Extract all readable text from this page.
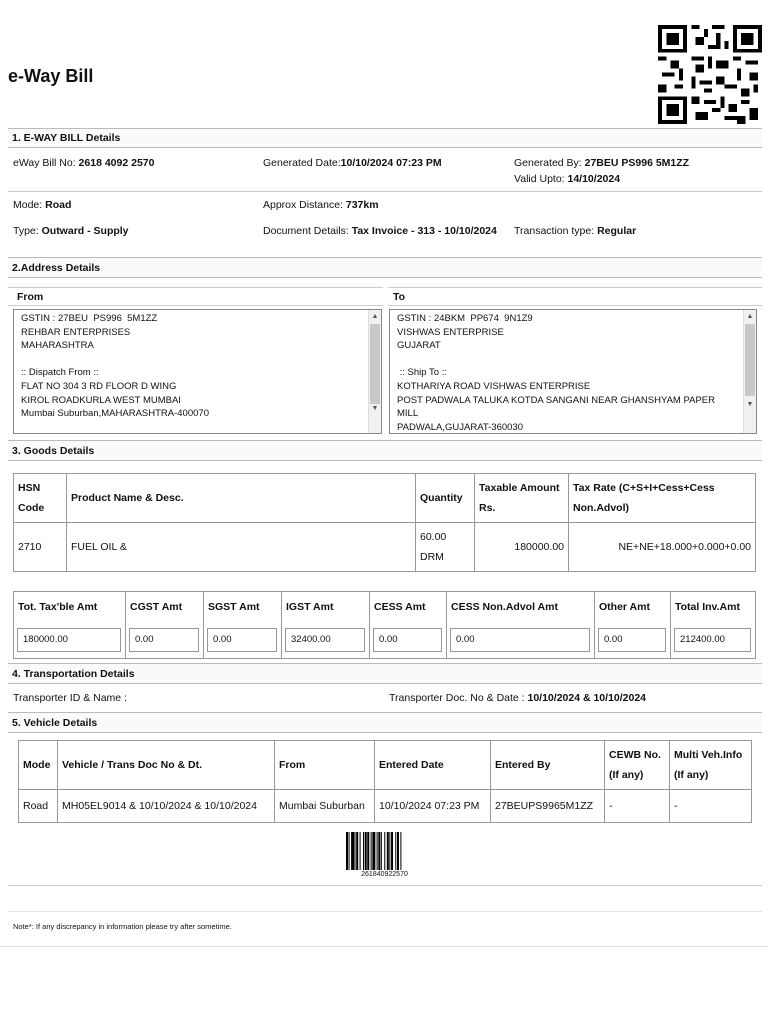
e-Way Bill
1. E-WAY BILL Details
eWay Bill No: 2618 4092 2570	Generated Date:10/10/2024 07:23 PM	Generated By: 27BEU PS996 5M1ZZ
Valid Upto: 14/10/2024
Mode: Road	Approx Distance: 737km
Type: Outward - Supply	Document Details: Tax Invoice - 313 - 10/10/2024 Transaction type: Regular
2.Address Details
From	To
GSTIN : 27BEU  PS996  5M1ZZ
REHBAR ENTERPRISES
MAHARASHTRA
:: Dispatch From ::
FLAT NO 304 3 RD FLOOR D WING
KIROL ROADKURLA WEST MUMBAI
Mumbai Suburban,MAHARASHTRA-400070
▲
▼
GSTIN : 24BKM  PP674  9N1Z9
VISHWAS ENTERPRISE
GUJARAT
:: Ship To ::
KOTHARIYA ROAD VISHWAS ENTERPRISE
POST PADWALA TALUKA KOTDA SANGANI NEAR GHANSHYAM PAPER
MILL
PADWALA,GUJARAT-360030
▲
▼
3. Goods Details
HSN Code	Product Name & Desc.	Quantity	Taxable Amount Rs.	Tax Rate (C+S+I+Cess+Cess Non.Advol)
2710	FUEL OIL &	60.00 DRM	180000.00	NE+NE+18.000+0.000+0.00
Tot. Tax'ble Amt	CGST Amt	SGST Amt	IGST Amt	CESS Amt	CESS Non.Advol Amt	Other Amt	Total Inv.Amt

180000.00	0.00	0.00	32400.00	0.00	0.00	0.00	212400.00
4. Transportation Details
Transporter ID & Name :	Transporter Doc. No & Date : 10/10/2024 & 10/10/2024
5. Vehicle Details
Mode	Vehicle / Trans Doc No & Dt.	From	Entered Date	Entered By	CEWB No. (If any)	Multi Veh.Info (If any)
Road	MH05EL9014 & 10/10/2024 & 10/10/2024	Mumbai Suburban	10/10/2024 07:23 PM	27BEUPS9965M1ZZ	-	-
261840922570
Note*: If any discrepancy in information please try after sometime.
